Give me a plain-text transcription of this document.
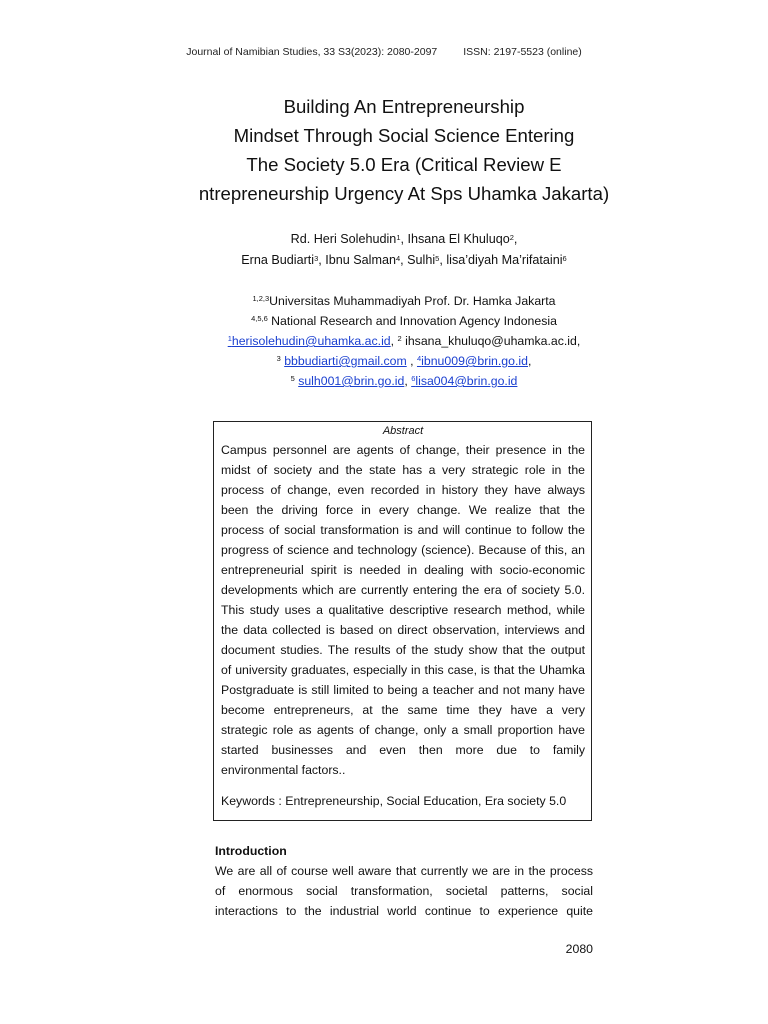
Journal of Namibian Studies, 33 S3(2023): 2080-2097 ISSN: 2197-5523 (online)
Building An Entrepreneurship
Mindset Through Social Science Entering
The Society 5.0 Era (Critical Review E
ntrepreneurship Urgency At Sps Uhamka Jakarta)
Rd. Heri Solehudin$^1$, Ihsana El Khuluqo$^2$,
Erna Budiarti$^3$, Ibnu Salman$^4$, Sulhi$^5$, lisa’diyah Ma’rifataini$^6$
$^{1,2,3}$Universitas Muhammadiyah Prof. Dr. Hamka Jakarta
$^{4,5,6}$ National Research and Innovation Agency Indonesia
$^1$herisolehudin@uhamka.ac.id, $^2$ ihsana_khuluqo@uhamka.ac.id,
$^3$ bbbudiarti@gmail.com , $^4$ibnu009@brin.go.id,
$^5$ sulh001@brin.go.id, $^6$lisa004@brin.go.id
Abstract
Campus personnel are agents of change, their presence in the
midst of society and the state has a very strategic role in the
process of change, even recorded in history they have always
been the driving force in every change. We realize that the
process of social transformation is and will continue to follow the
progress of science and technology (science). Because of this, an
entrepreneurial spirit is needed in dealing with socio-economic
developments which are currently entering the era of society 5.0.
This study uses a qualitative descriptive research method, while
the data collected is based on direct observation, interviews and
document studies. The results of the study show that the output
of university graduates, especially in this case, is that the Uhamka
Postgraduate is still limited to being a teacher and not many have
become entrepreneurs, at the same time they have a very
strategic role as agents of change, only a small proportion have
started businesses and even then more due to family
environmental factors..
Keywords : Entrepreneurship, Social Education, Era society 5.0
Introduction
We are all of course well aware that currently we are in the process
of enormous social transformation, societal patterns, social
interactions to the industrial world continue to experience quite
2080
